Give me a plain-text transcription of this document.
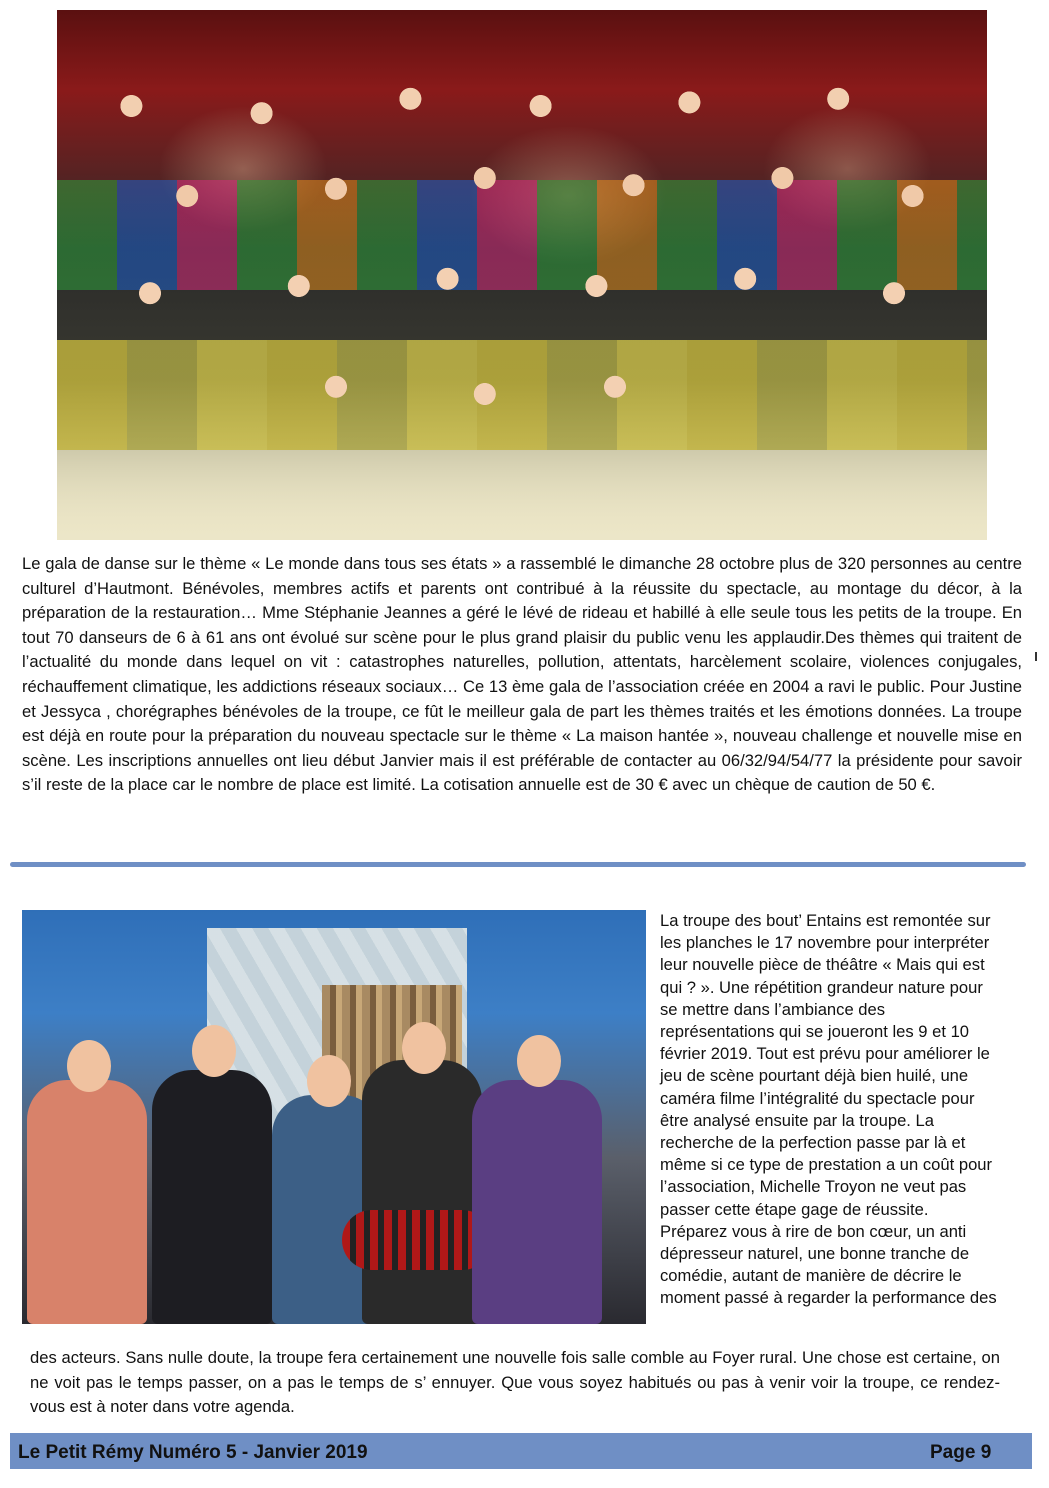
Le gala de danse sur le thème « Le monde dans tous ses états » a rassemblé le dimanche 28 octobre plus de 320 personnes au centre culturel d’Hautmont. Bénévoles, membres actifs et parents ont contribué à la réussite du spectacle, au montage du décor, à la préparation de la restauration… Mme Stéphanie Jeannes a géré le lévé de rideau et habillé à elle seule tous les petits de la troupe. En tout 70 danseurs de 6 à 61 ans ont évolué sur scène pour le plus grand plaisir du public venu les applaudir.Des thèmes qui traitent de l’actualité du monde dans lequel on vit : catastrophes naturelles, pollution, attentats, harcèlement scolaire, violences conjugales, réchauffement climatique, les addictions réseaux sociaux… Ce 13 ème gala de l’association créée en 2004 a ravi le public. Pour Justine et Jessyca , chorégraphes bénévoles de la troupe, ce fût le meilleur gala de part les thèmes traités et les émotions données. La troupe est déjà en route pour la préparation du nouveau spectacle sur le thème « La maison hantée », nouveau challenge et nouvelle mise en scène. Les inscriptions annuelles ont lieu début Janvier mais il est préférable de contacter au 06/32/94/54/77 la présidente pour savoir s’il reste de la place car le nombre de place est limité. La cotisation annuelle est de 30 € avec un chèque de caution de 50 €.
La troupe des bout’ Entains est remontée sur les planches le 17 novembre pour interpréter leur nouvelle pièce de théâtre « Mais qui est qui ? ». Une répétition grandeur nature pour se mettre dans l’ambiance des représentations qui se joueront les 9 et 10 février 2019. Tout est prévu pour améliorer le jeu de scène pourtant déjà bien huilé, une caméra filme l’intégralité du spectacle pour être analysé ensuite par la troupe. La recherche de la perfection passe par là et même si ce type de prestation a un coût pour l’association, Michelle Troyon ne veut pas passer cette étape gage de réussite. Préparez vous à rire de bon cœur, un anti dépresseur naturel, une bonne tranche de comédie, autant de manière de décrire le moment passé à regarder la performance des
des acteurs. Sans nulle doute, la troupe fera certainement une nouvelle fois salle comble au Foyer rural. Une chose est certaine, on ne voit pas le temps passer, on a pas le temps de s’ ennuyer. Que vous soyez habitués ou pas à venir voir la troupe, ce rendez-vous est à noter dans votre agenda.
Le Petit Rémy Numéro 5 - Janvier 2019	Page 9
